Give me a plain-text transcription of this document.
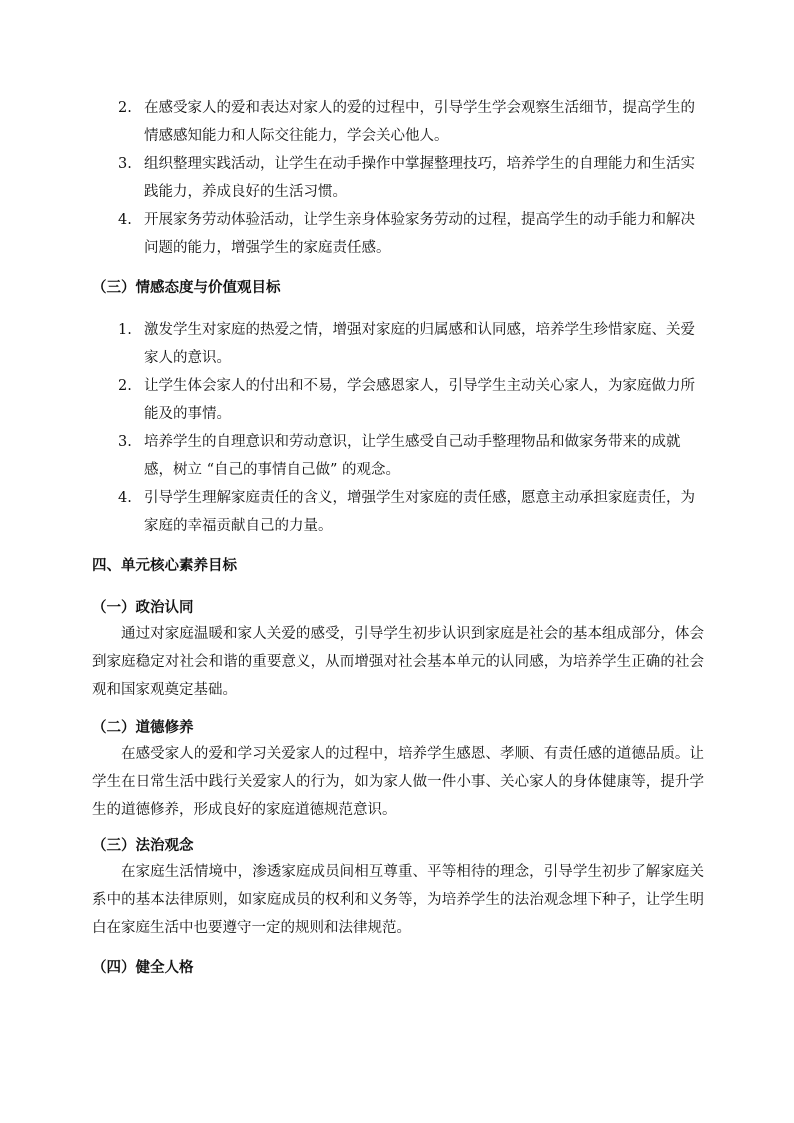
2. 在感受家人的爱和表达对家人的爱的过程中，引导学生学会观察生活细节，提高学生的情感感知能力和人际交往能力，学会关心他人。
3. 组织整理实践活动，让学生在动手操作中掌握整理技巧，培养学生的自理能力和生活实践能力，养成良好的生活习惯。
4. 开展家务劳动体验活动，让学生亲身体验家务劳动的过程，提高学生的动手能力和解决问题的能力，增强学生的家庭责任感。
（三）情感态度与价值观目标
1. 激发学生对家庭的热爱之情，增强对家庭的归属感和认同感，培养学生珍惜家庭、关爱家人的意识。
2. 让学生体会家人的付出和不易，学会感恩家人，引导学生主动关心家人，为家庭做力所能及的事情。
3. 培养学生的自理意识和劳动意识，让学生感受自己动手整理物品和做家务带来的成就感，树立 “自己的事情自己做” 的观念。
4. 引导学生理解家庭责任的含义，增强学生对家庭的责任感，愿意主动承担家庭责任，为家庭的幸福贡献自己的力量。
四、单元核心素养目标
（一）政治认同
通过对家庭温暖和家人关爱的感受，引导学生初步认识到家庭是社会的基本组成部分，体会到家庭稳定对社会和谐的重要意义，从而增强对社会基本单元的认同感，为培养学生正确的社会观和国家观奠定基础。
（二）道德修养
在感受家人的爱和学习关爱家人的过程中，培养学生感恩、孝顺、有责任感的道德品质。让学生在日常生活中践行关爱家人的行为，如为家人做一件小事、关心家人的身体健康等，提升学生的道德修养，形成良好的家庭道德规范意识。
（三）法治观念
在家庭生活情境中，渗透家庭成员间相互尊重、平等相待的理念，引导学生初步了解家庭关系中的基本法律原则，如家庭成员的权利和义务等，为培养学生的法治观念埋下种子，让学生明白在家庭生活中也要遵守一定的规则和法律规范。
（四）健全人格
